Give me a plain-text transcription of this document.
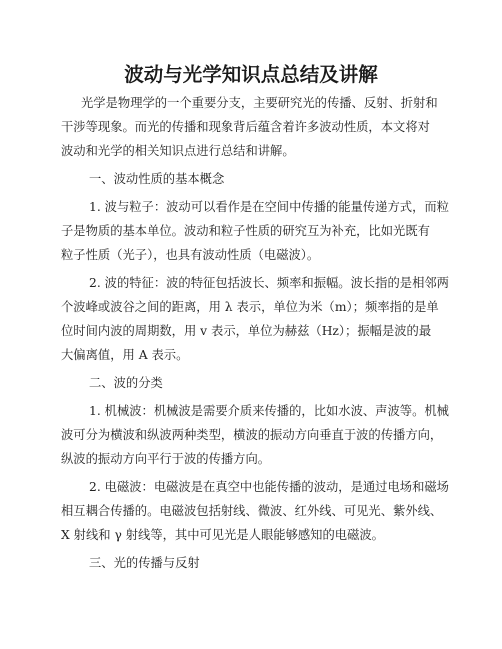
波动与光学知识点总结及讲解
光学是物理学的一个重要分支，主要研究光的传播、反射、折射和
干涉等现象。而光的传播和现象背后蕴含着许多波动性质，本文将对
波动和光学的相关知识点进行总结和讲解。
一、波动性质的基本概念
1. 波与粒子：波动可以看作是在空间中传播的能量传递方式，而粒
子是物质的基本单位。波动和粒子性质的研究互为补充，比如光既有
粒子性质（光子），也具有波动性质（电磁波）。
2. 波的特征：波的特征包括波长、频率和振幅。波长指的是相邻两
个波峰或波谷之间的距离，用 λ 表示，单位为米（m）；频率指的是单
位时间内波的周期数，用 v 表示，单位为赫兹（Hz）；振幅是波的最
大偏离值，用 A 表示。
二、波的分类
1. 机械波：机械波是需要介质来传播的，比如水波、声波等。机械
波可分为横波和纵波两种类型，横波的振动方向垂直于波的传播方向，
纵波的振动方向平行于波的传播方向。
2. 电磁波：电磁波是在真空中也能传播的波动，是通过电场和磁场
相互耦合传播的。电磁波包括射线、微波、红外线、可见光、紫外线、
X 射线和 γ 射线等，其中可见光是人眼能够感知的电磁波。
三、光的传播与反射
